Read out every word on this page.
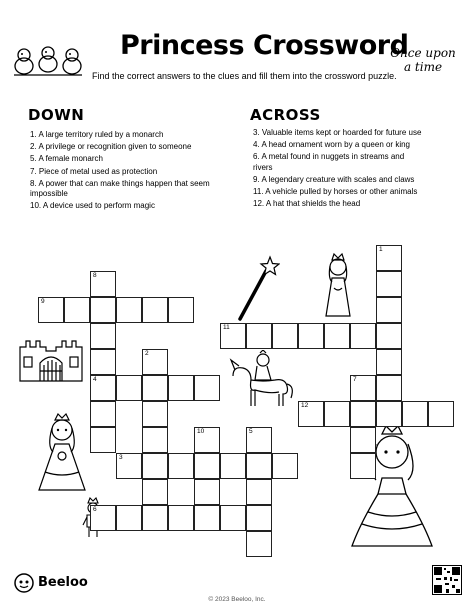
Princess Crossword
Find the correct answers to the clues and fill them into the crossword puzzle.
Once upon a time
DOWN
1. A large territory ruled by a monarch
2. A privilege or recognition given to someone
5. A female monarch
7. Piece of metal used as protection
8. A power that can make things happen that seem impossible
10. A device used to perform magic
ACROSS
3. Valuable items kept or hoarded for future use
4. A head ornament worn by a queen or king
6. A metal found in nuggets in streams and rivers
9. A legendary creature with scales and claws
11. A vehicle pulled by horses or other animals
12. A hat that shields the head
1
8
4
9
11
2
12
10	5
3
6
7
Beeloo
© 2023 Beeloo, Inc.
